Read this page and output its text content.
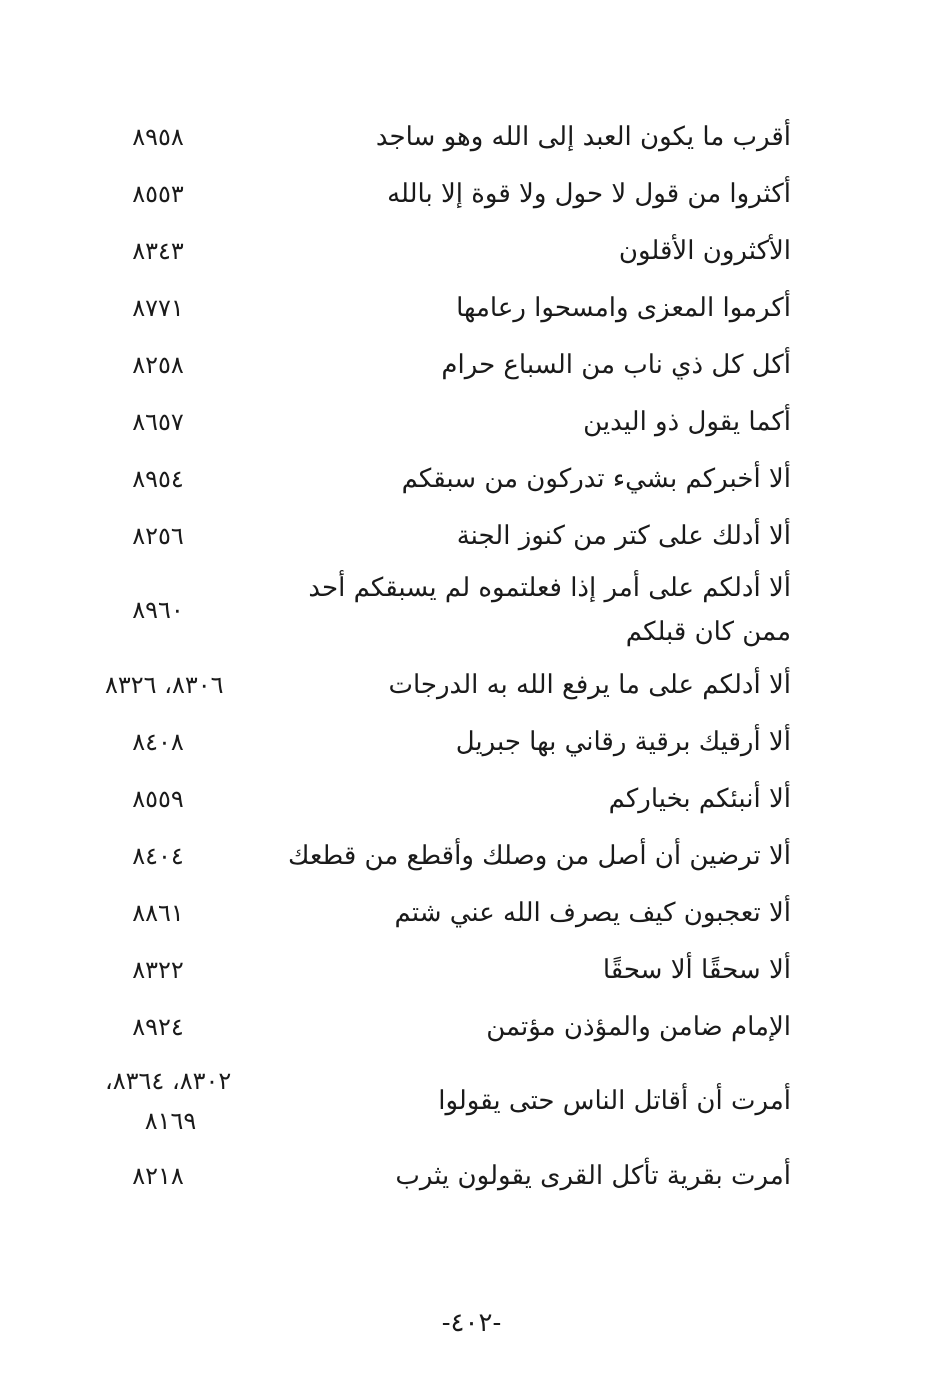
أقرب ما يكون العبد إلى الله وهو ساجد
٨٩٥٨
أكثروا من قول لا حول ولا قوة إلا بالله
٨٥٥٣
الأكثرون الأقلون
٨٣٤٣
أكرموا المعزى وامسحوا رعامها
٨٧٧١
أكل كل ذي ناب من السباع حرام
٨٢٥٨
أكما يقول ذو اليدين
٨٦٥٧
ألا أخبركم بشيء تدركون من سبقكم
٨٩٥٤
ألا أدلك على كتر من كنوز الجنة
٨٢٥٦
ألا أدلكم على أمر إذا فعلتموه لم يسبقكم أحد ممن كان قبلكم
٨٩٦٠
ألا أدلكم على ما يرفع الله به الدرجات
٨٣٠٦، ٨٣٢٦
ألا أرقيك برقية رقاني بها جبريل
٨٤٠٨
ألا أنبئكم بخياركم
٨٥٥٩
ألا ترضين أن أصل من وصلك وأقطع من قطعك
٨٤٠٤
ألا تعجبون كيف يصرف الله عني شتم
٨٨٦١
ألا سحقًا ألا سحقًا
٨٣٢٢
الإمام ضامن والمؤذن مؤتمن
٨٩٢٤
أمرت أن أقاتل الناس حتى يقولوا
٨٣٠٢، ٨٣٦٤،
٨١٦٩
أمرت بقرية تأكل القرى يقولون يثرب
٨٢١٨
-٤٠٢-
